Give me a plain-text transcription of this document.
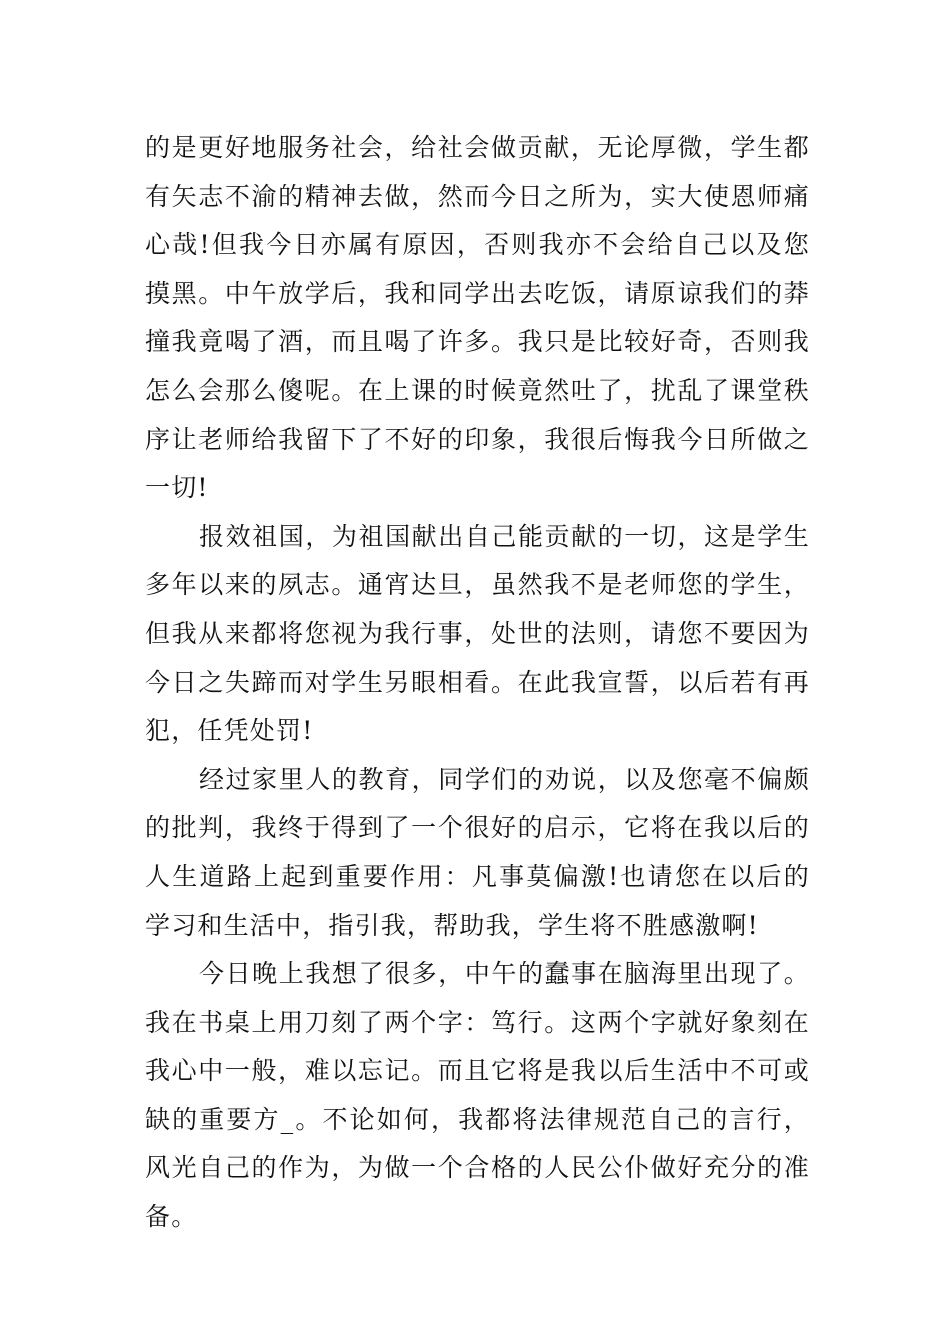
的是更好地服务社会，给社会做贡献，无论厚微，学生都有矢志不渝的精神去做，然而今日之所为，实大使恩师痛心哉!但我今日亦属有原因，否则我亦不会给自己以及您摸黑。中午放学后，我和同学出去吃饭，请原谅我们的莽撞我竟喝了酒，而且喝了许多。我只是比较好奇，否则我怎么会那么傻呢。在上课的时候竟然吐了，扰乱了课堂秩序让老师给我留下了不好的印象，我很后悔我今日所做之一切!

报效祖国，为祖国献出自己能贡献的一切，这是学生多年以来的夙志。通宵达旦，虽然我不是老师您的学生，但我从来都将您视为我行事，处世的法则，请您不要因为今日之失蹄而对学生另眼相看。在此我宣誓，以后若有再犯，任凭处罚!

经过家里人的教育，同学们的劝说，以及您毫不偏颇的批判，我终于得到了一个很好的启示，它将在我以后的人生道路上起到重要作用：凡事莫偏激!也请您在以后的学习和生活中，指引我，帮助我，学生将不胜感激啊!

今日晚上我想了很多，中午的蠢事在脑海里出现了。我在书桌上用刀刻了两个字：笃行。这两个字就好象刻在我心中一般，难以忘记。而且它将是我以后生活中不可或缺的重要方_。不论如何，我都将法律规范自己的言行，风光自己的作为，为做一个合格的人民公仆做好充分的准备。
